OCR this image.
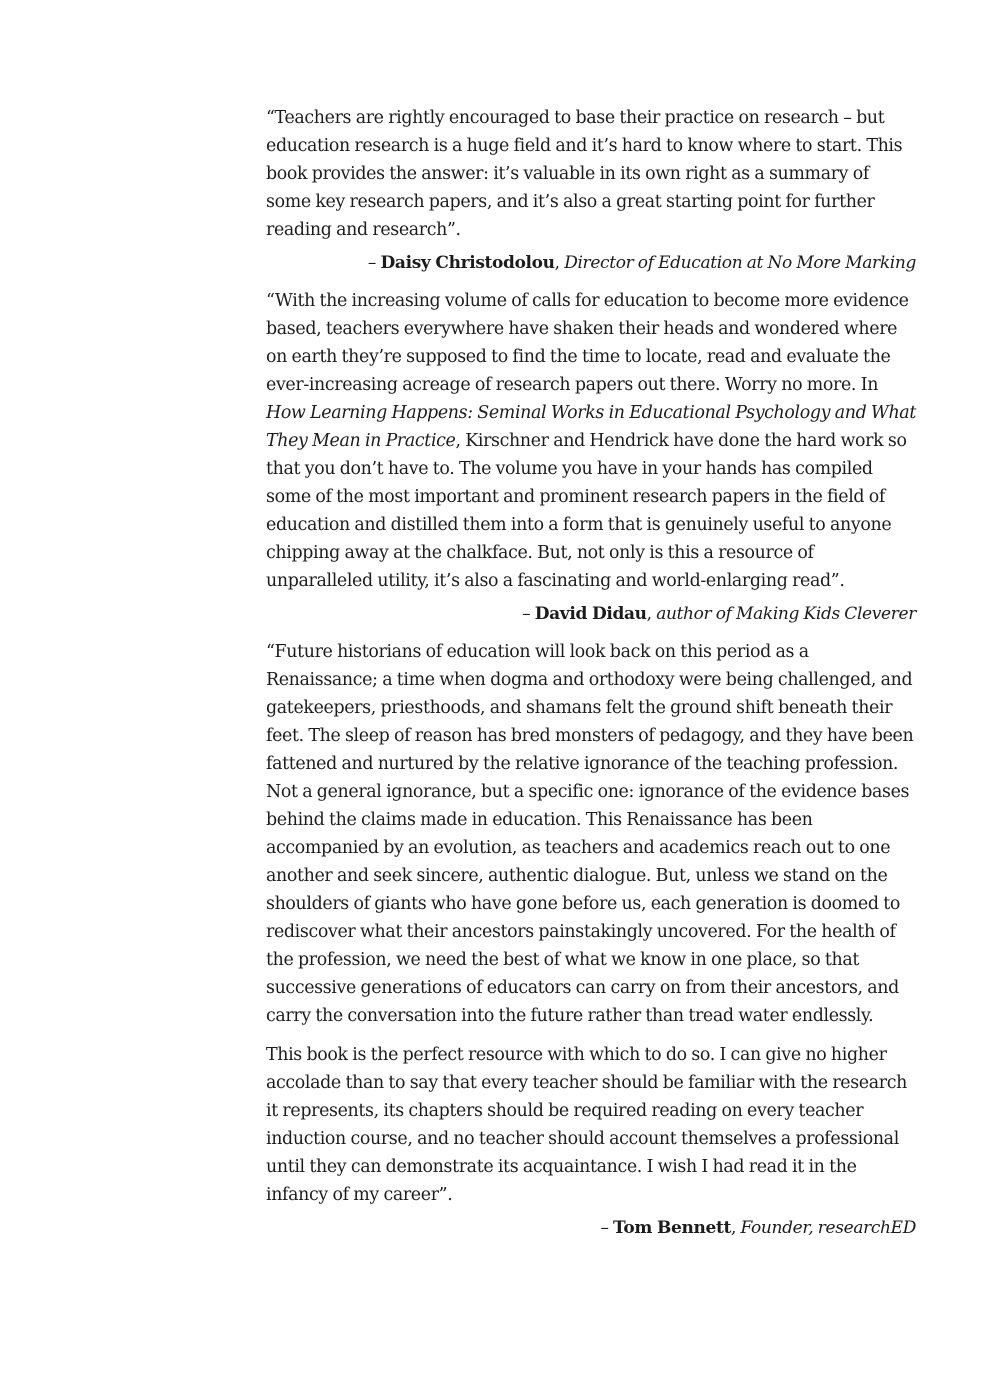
“Teachers are rightly encouraged to base their practice on research – but education research is a huge field and it’s hard to know where to start. This book provides the answer: it’s valuable in its own right as a summary of some key research papers, and it’s also a great starting point for further reading and research”.

– Daisy Christodolou, Director of Education at No More Marking

“With the increasing volume of calls for education to become more evidence based, teachers everywhere have shaken their heads and wondered where on earth they’re supposed to find the time to locate, read and evaluate the ever-increasing acreage of research papers out there. Worry no more. In How Learning Happens: Seminal Works in Educational Psychology and What They Mean in Practice, Kirschner and Hendrick have done the hard work so that you don’t have to. The volume you have in your hands has compiled some of the most important and prominent research papers in the field of education and distilled them into a form that is genuinely useful to anyone chipping away at the chalkface. But, not only is this a resource of unparalleled utility, it’s also a fascinating and world-enlarging read”.

– David Didau, author of Making Kids Cleverer

“Future historians of education will look back on this period as a Renaissance; a time when dogma and orthodoxy were being challenged, and gatekeepers, priesthoods, and shamans felt the ground shift beneath their feet. The sleep of reason has bred monsters of pedagogy, and they have been fattened and nurtured by the relative ignorance of the teaching profession. Not a general ignorance, but a specific one: ignorance of the evidence bases behind the claims made in education. This Renaissance has been accompanied by an evolution, as teachers and academics reach out to one another and seek sincere, authentic dialogue. But, unless we stand on the shoulders of giants who have gone before us, each generation is doomed to rediscover what their ancestors painstakingly uncovered. For the health of the profession, we need the best of what we know in one place, so that successive generations of educators can carry on from their ancestors, and carry the conversation into the future rather than tread water endlessly.

This book is the perfect resource with which to do so. I can give no higher accolade than to say that every teacher should be familiar with the research it represents, its chapters should be required reading on every teacher induction course, and no teacher should account themselves a professional until they can demonstrate its acquaintance. I wish I had read it in the infancy of my career”.

– Tom Bennett, Founder, researchED
